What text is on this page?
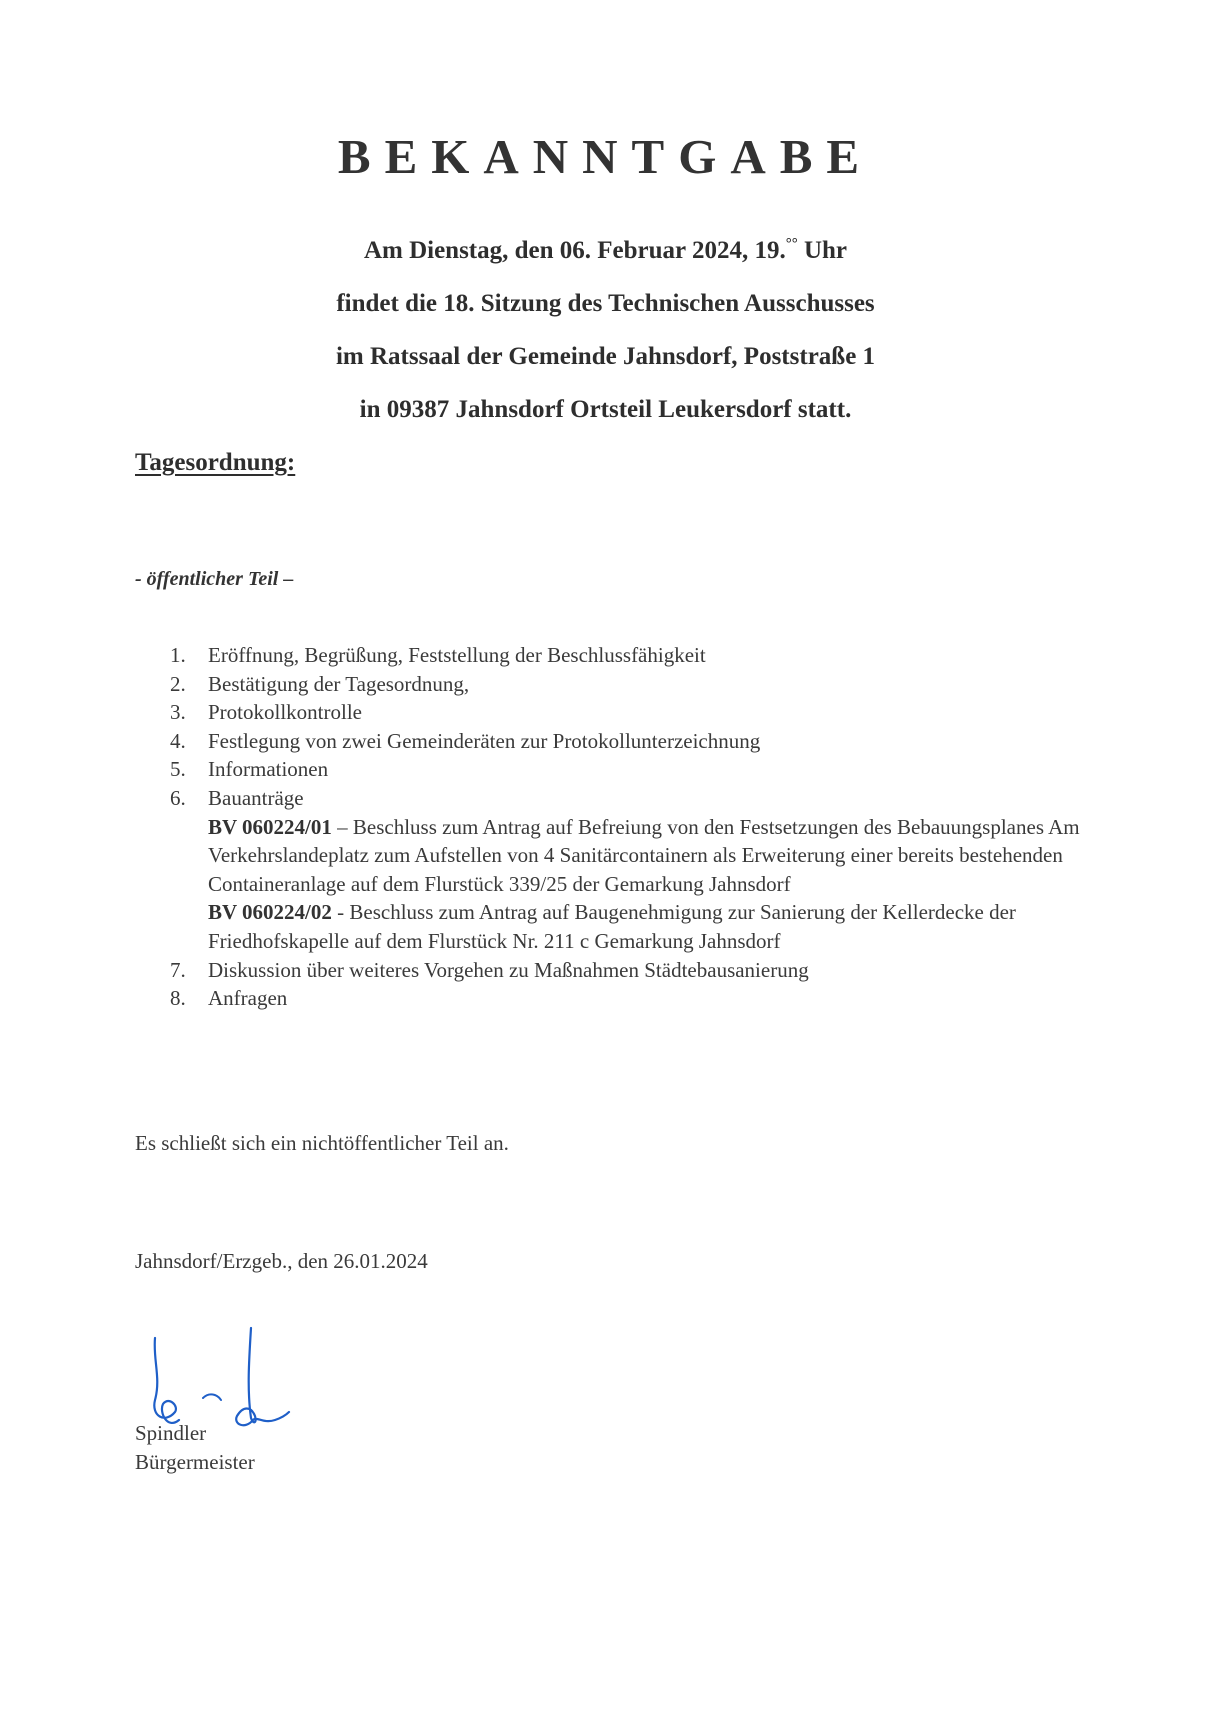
BEKANNTGABE
Am Dienstag, den 06. Februar 2024, 19.°° Uhr
findet die 18. Sitzung des Technischen Ausschusses
im Ratssaal der Gemeinde Jahnsdorf, Poststraße 1
in 09387 Jahnsdorf Ortsteil Leukersdorf statt.
Tagesordnung:
- öffentlicher Teil –
1. Eröffnung, Begrüßung, Feststellung der Beschlussfähigkeit
2. Bestätigung der Tagesordnung,
3. Protokollkontrolle
4. Festlegung von zwei Gemeinderäten zur Protokollunterzeichnung
5. Informationen
6. Bauanträge
BV 060224/01 – Beschluss zum Antrag auf Befreiung von den Festsetzungen des Bebauungsplanes Am Verkehrslandeplatz zum Aufstellen von 4 Sanitärcontainern als Erweiterung einer bereits bestehenden Containeranlage auf dem Flurstück 339/25 der Gemarkung Jahnsdorf
BV 060224/02 - Beschluss zum Antrag auf Baugenehmigung zur Sanierung der Kellerdecke der Friedhofskapelle auf dem Flurstück Nr. 211 c Gemarkung Jahnsdorf
7. Diskussion über weiteres Vorgehen zu Maßnahmen Städtebausanierung
8. Anfragen
Es schließt sich ein nichtöffentlicher Teil an.
Jahnsdorf/Erzgeb., den 26.01.2024
Spindler
Bürgermeister
